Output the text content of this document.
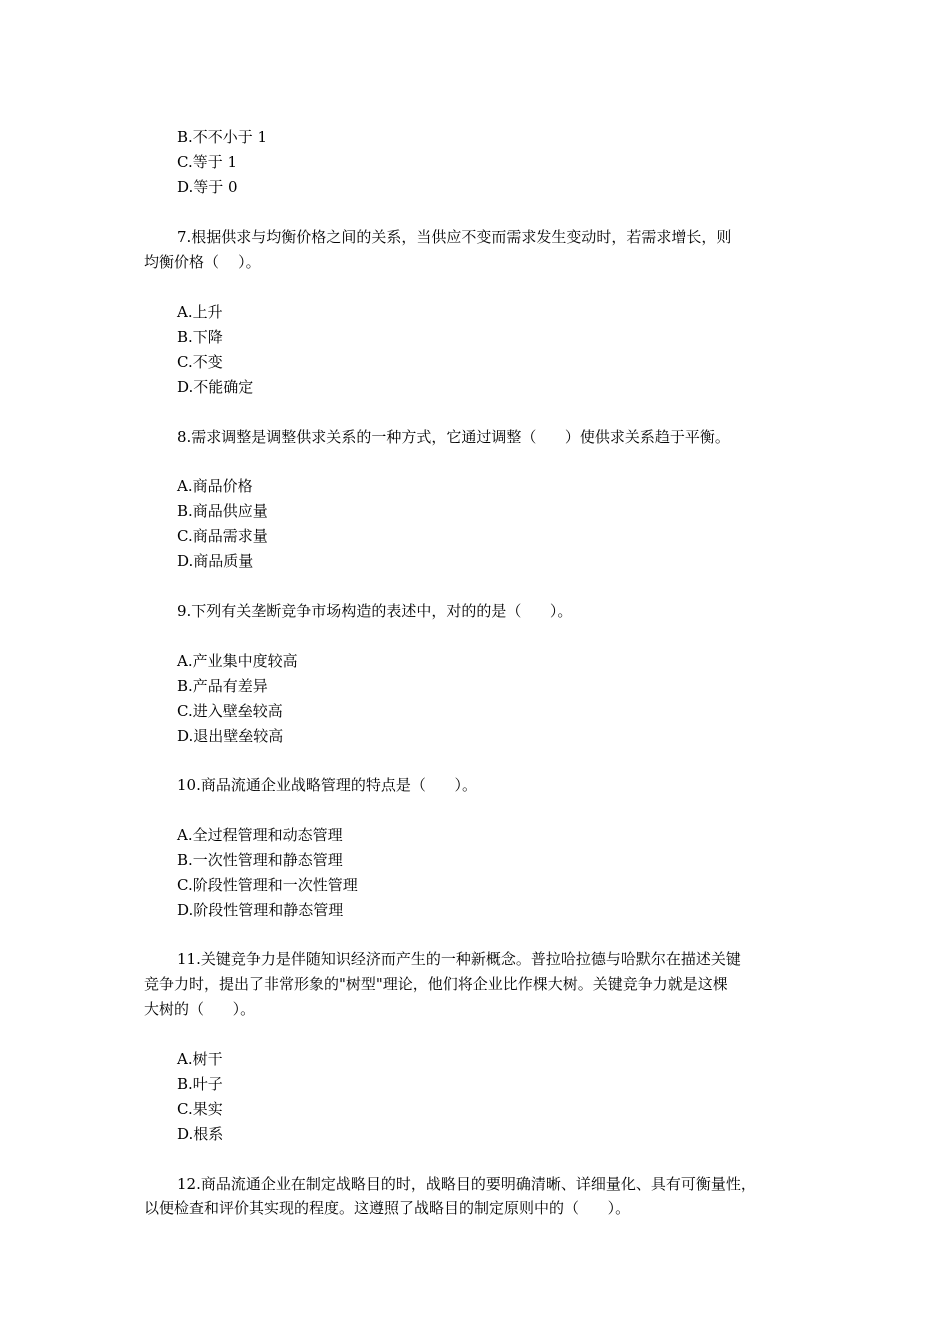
B.不不小于 1
C.等于 1
D.等于 0
7.根据供求与均衡价格之间的关系，当供应不变而需求发生变动时，若需求增长，则
均衡价格（    ）。
A.上升
B.下降
C.不变
D.不能确定
8.需求调整是调整供求关系的一种方式，它通过调整（      ）使供求关系趋于平衡。
A.商品价格
B.商品供应量
C.商品需求量
D.商品质量
9.下列有关垄断竞争市场构造的表述中，对的的是（      ）。
A.产业集中度较高
B.产品有差异
C.进入壁垒较高
D.退出壁垒较高
10.商品流通企业战略管理的特点是（      ）。
A.全过程管理和动态管理
B.一次性管理和静态管理
C.阶段性管理和一次性管理
D.阶段性管理和静态管理
11.关键竞争力是伴随知识经济而产生的一种新概念。普拉哈拉德与哈默尔在描述关键
竞争力时，提出了非常形象的"树型"理论，他们将企业比作棵大树。关键竞争力就是这棵
大树的（      ）。
A.树干
B.叶子
C.果实
D.根系
12.商品流通企业在制定战略目的时，战略目的要明确清晰、详细量化、具有可衡量性，
以便检查和评价其实现的程度。这遵照了战略目的制定原则中的（      ）。
